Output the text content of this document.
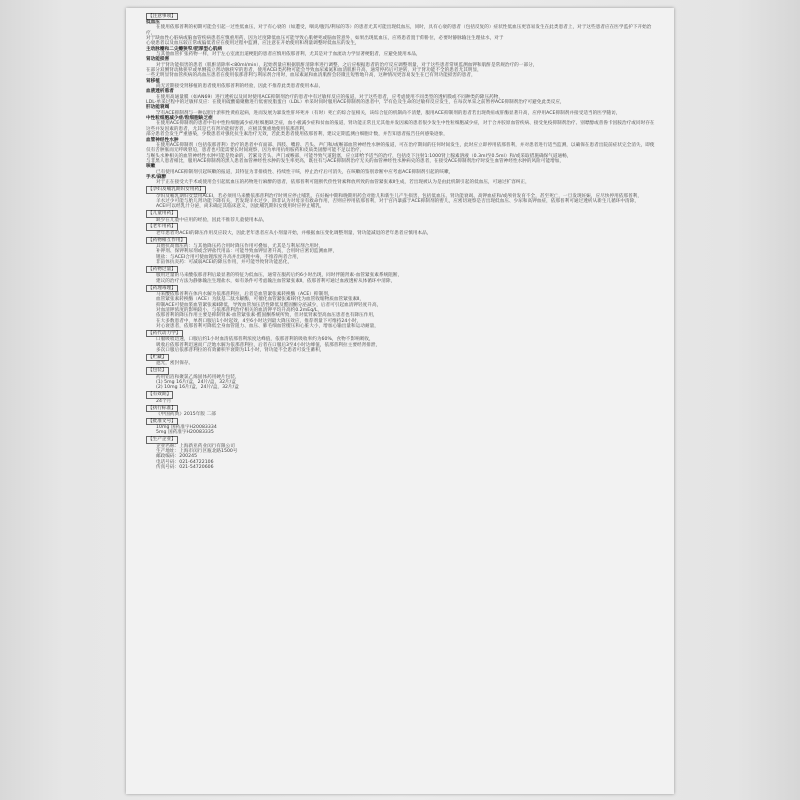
【注意事项】

低血压

在使用依那普利的初期可能会引起一过性低血压，对于有心衰的（如遭受，咽炎/腹泻/利尿的等）的患者尤其可能出现低血压，同时，具有心衰的患者（包括反复的）症状性低血压更容易发生在此类患者上，对于这些患者应在医学监护下开始治疗，

对于缺血性心脏病或脑血管疾病患者应慎重用药，因为过度降低血压可能导致心肌梗死或脑血管意外，如果出现低血压，应将患者置于仰卧位，必要时静脉输注生理盐水，对于

心衰患者以及血压较正常或偏低者应在使用过程中监测，应注意在开始使用和剂量调整时低血压的发生，

主动脉瓣和二尖瓣狭窄/肥厚型心肌病

与其他血管扩张药物一样，对于左心室流出道梗阻的患者应慎用依那普利，尤其是对于血流动力学显著梗阻者，应避免使用本品，

肾功能损害

对于肾功能损害的患者（肌酐清除率<80ml/min），起始剂量应根据肌酐清除率进行调整，之后应根据患者的治疗反应调整剂量，对于这些患者常规监测血钾和肌酐是常规治疗的一部分，

在部分双侧肾动脉狭窄或单侧孤立肾动脉狭窄的患者，使用ACEI类药物可能会导致血尿素氮和血清肌酐升高，通常停药后可逆转，对于肾功能不全的患者尤其明显，

一些无明显肾血管疾病的高血压患者在使用依那普利与利尿剂合用时，血尿素氮和血清肌酐会轻微且短暂地升高，这种情况更容易发生在已有肾功能损害的患者，

肾移植

尚无近期接受肾移植的患者使用依那普利的经验，因此不推荐此类患者使用本品，

血液透析患者

在使用高通量膜（如AN69）进行透析以及同时使用ACE抑制剂治疗的患者中有过敏样反应的报道，对于这些患者，应考虑使用不同类型的透析膜或不同种类的降压药物，

LDL-单采过程中的过敏样反应：在使用硫酸葡聚糖进行低密度脂蛋白（LDL）单采时同时服用ACE抑制剂的患者中，罕有危及生命的过敏样反应发生，在每次单采之前暂停ACE抑制剂治疗可避免此类反应，

肝功能衰竭

罕有ACE抑制剂与一种以胆汁淤积性黄疸起病，进而发展为暴发性肝坏死并（有时）死亡的综合征相关，该综合征的机制尚不清楚，服用ACE抑制剂的患者若出现黄疸或肝酶显著升高，应停用ACE抑制剂并接受适当的医学随访，

中性粒细胞减少症/粒细胞缺乏症

在使用ACE抑制剂的患者中有中性粒细胞减少症/粒细胞缺乏症，血小板减少症和贫血的报道，肾功能正常且无其他并发因素的患者很少发生中性粒细胞减少症，对于合并胶原血管疾病、接受免疫抑制剂治疗、别嘌醇或普鲁卡因胺治疗或同时存在这些并发因素的患者，尤其是已有肾功能损害者，应极其慎重地使用依那普利，

部分患者会发生严重感染，少数患者对强化抗生素治疗无效，若此类患者使用依那普利，建议定期监测白细胞计数，并告知患者报告任何感染迹象，

血管神经性水肿

在使用ACE抑制剂（包括依那普利）治疗的患者中有面部、四肢、嘴唇、舌头、声门和/或喉部血管神经性水肿的报道，可在治疗期间的任何时间发生，此时应立即停用依那普利，并对患者进行适当监测，以确保在患者出院前症状完全消失，即使仅有舌肿胀而无呼吸窘迫，患者也可能需要长时间观察，因为单用抗组胺药和皮质类固醇可能不足以治疗，

与喉头水肿相关的血管神经性水肿可能是致命的，若累及舌头、声门或喉部，可能导致气道阻塞，应立即给予适当的治疗，包括皮下注射1:1000肾上腺素溶液（0.3ml至0.5ml）和/或采取措施确保气道通畅，

与非黑人患者相比，服用ACE抑制剂的黑人患者血管神经性水肿的发生率更高，既往有与ACE抑制剂治疗无关的血管神经性水肿病史的患者，在接受ACE抑制剂治疗时发生血管神经性水肿的风险可能增加，

咳嗽

已有使用ACE抑制剂引起咳嗽的报道，其特征为非排痰性、持续性干咳，停止治疗后可消失，在咳嗽的鉴别诊断中应考虑ACE抑制剂引起的咳嗽，

手术/麻醉

对于正在接受大手术或使用会引起低血压的药物进行麻醉的患者，依那普利可阻断代偿性肾素释放所致的血管紧张素Ⅱ生成，若出现被认为是由此机制引起的低血压，可通过扩容纠正，

【孕妇及哺乳期妇女用药】

孕妇及哺乳期妇女禁用ACEI，若必须用马来酸依那普利治疗时则应停止哺乳，在妊娠中期和晚期用药会对胎儿和新生儿产生损害，包括低血压、肾功能衰竭、高钾血症和/或颅骨发育不全，甚至死亡，一旦发现妊娠，应尽快停用依那普利，

羊水过少可能与胎儿肾功能下降有关，若发现羊水过少，除非认为对母亲有救命作用，否则应停用依那普利，对于宫内暴露于ACE抑制剂的婴儿，应密切观察是否出现低血压、少尿和高钾血症，依那普利可通过透析从新生儿循环中清除，

ACEI可以经乳汁分泌，尚未确定其临床意义，因此哺乳期妇女使用时应停止哺乳，

【儿童用药】

缺少在儿童中应用的经验，因此不推荐儿童使用本品，

【老年用药】

老年患者对ACEI的降压作用反应较大，因此老年患者应从小剂量开始，并根据血压变化调整剂量，肾功能减退的老年患者应慎用本品，

【药物相互作用】

其他抗高血压药：与其他降压药合用时降压作用可叠加，尤其是与利尿剂合用时，

补钾剂、保钾利尿剂或含钾盐代用品：可能导致血钾显著升高，合用时应密切监测血钾，

锂盐：与ACEI合用可使血锂浓度升高并出现锂中毒，不推荐两者合用，

非甾体抗炎药：可减弱ACEI的降压作用，并可能导致肾功能恶化，

【药物过量】

服用过量的马来酸依那普利后最显著的特征为低血压，通常在服药后约6小时出现，同时伴随肾素-血管紧张素系统阻断，

建议的治疗方法为静脉输注生理盐水，如有条件可考虑输注血管紧张素Ⅱ，依那普利可通过血液透析从体循环中清除，

【药理毒理】

马来酸依那普利在体内水解为依那普利拉，后者是血管紧张素转换酶（ACE）抑制剂，

血管紧张素转换酶（ACE）为肽基二肽水解酶，可催化血管紧张素Ⅰ转化为血管收缩物质血管紧张素Ⅱ，

抑制ACE可使血浆血管紧张素Ⅱ降低，导致血管加压活性降低及醛固酮分泌减少，后者可引起血清钾轻度升高，

对血清钾浓度的影响较小，与依那普利治疗相关的血清钾平均升高约0.2mEq/L，

依那普利的降压作用主要是抑制肾素-血管紧张素-醛固酮系统所致，但对低肾素型高血压患者也有降压作用，

在大多数患者中，单剂口服后1小时起效，4至6小时达到最大降压效应，推荐剂量下可维持24小时，

对心衰患者，依那普利可降低全身血管阻力、血压、肺毛细血管楔压和心脏大小，增加心输出量和运动耐量，

【药代动力学】

口服吸收迅速，口服后约1小时血清依那普利浓度达峰值，依那普利的吸收率约为60%，食物不影响吸收，

吸收后依那普利迅速而广泛地水解为依那普利拉，后者在口服后3至4小时达峰值，依那普利拉主要经肾排泄，

多次口服后依那普利拉的有效蓄积半衰期为11小时，肾功能不全患者可发生蓄积，

【贮藏】

遮光，密封保存。

【包装】

药用铝箔和聚氯乙烯固体药用硬片包装，

(1) 5mg 16片/盒，24片/盒，32片/盒

(2) 10mg 16片/盒，24片/盒，32片/盒

【有效期】

24个月

【执行标准】

《中国药典》2015年版 二部

【批准文号】

10mg 国药准字H20083334

5mg 国药准字H20083335

【生产企业】

企业名称：上海新亚药业闵行有限公司

生产地址：上海市闵行区瓶北路1500号

邮政编码：200245

电话号码：021-64722106

传真号码：021-54720606
